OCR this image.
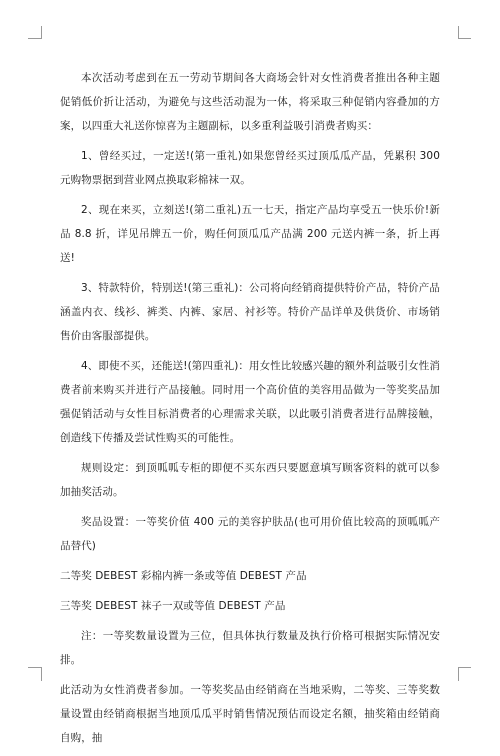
本次活动考虑到在五一劳动节期间各大商场会针对女性消费者推出各种主题促销低价折让活动，为避免与这些活动混为一体，将采取三种促销内容叠加的方案，以四重大礼送你惊喜为主题副标，以多重利益吸引消费者购买：

1、曾经买过，一定送!(第一重礼)如果您曾经买过顶瓜瓜产品，凭累积 300 元购物票据到营业网点换取彩棉袜一双。

2、现在来买，立刻送!(第二重礼)五一七天，指定产品均享受五一快乐价!新品 8.8 折，详见吊牌五一价，购任何顶瓜瓜产品满 200 元送内裤一条，折上再送!

3、特款特价，特别送!(第三重礼)：公司将向经销商提供特价产品，特价产品涵盖内衣、线衫、裤类、内裤、家居、衬衫等。特价产品详单及供货价、市场销售价由客服部提供。

4、即使不买，还能送!(第四重礼)：用女性比较感兴趣的额外利益吸引女性消费者前来购买并进行产品接触。同时用一个高价值的美容用品做为一等奖奖品加强促销活动与女性目标消费者的心理需求关联，以此吸引消费者进行品牌接触，创造线下传播及尝试性购买的可能性。

规则设定：到顶呱呱专柜的即便不买东西只要愿意填写顾客资料的就可以参加抽奖活动。

奖品设置：一等奖价值 400 元的美容护肤品(也可用价值比较高的顶呱呱产品替代)

二等奖 DEBEST 彩棉内裤一条或等值 DEBEST 产品

三等奖 DEBEST 袜子一双或等值 DEBEST 产品

注：一等奖数量设置为三位，但具体执行数量及执行价格可根据实际情况安排。

此活动为女性消费者参加。一等奖奖品由经销商在当地采购，二等奖、三等奖数量设置由经销商根据当地顶瓜瓜平时销售情况预估而设定名额，抽奖箱由经销商自购，抽
